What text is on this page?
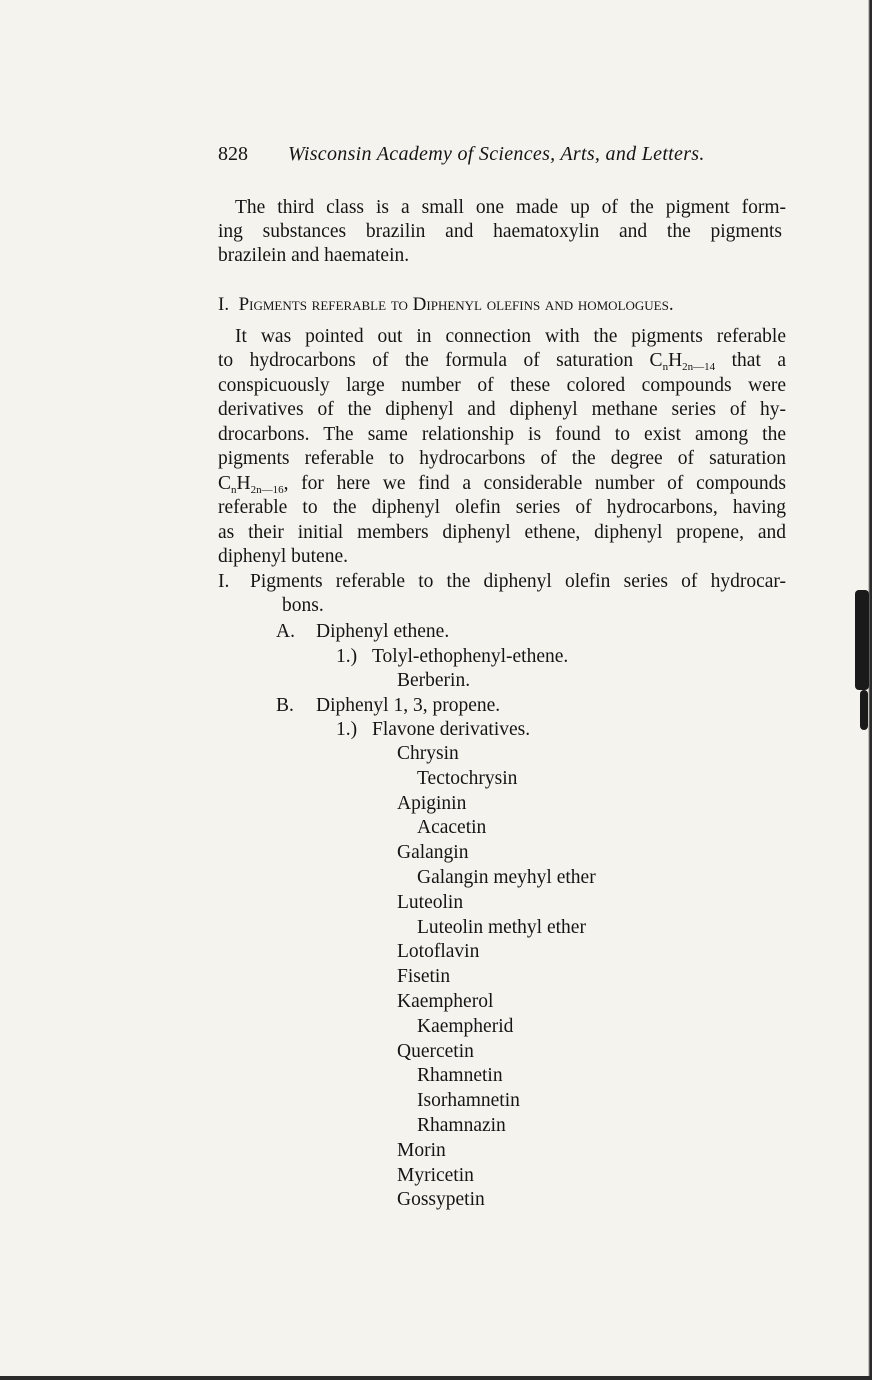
828 Wisconsin Academy of Sciences, Arts, and Letters.
The third class is a small one made up of the pigment form-
ing substances brazilin and haematoxylin and the pigments
brazilein and haematein.
I. Pigments referable to Diphenyl olefins and homologues.
It was pointed out in connection with the pigments referable
to hydrocarbons of the formula of saturation $C_nH_{2n—14}$ that a
conspicuously large number of these colored compounds were
derivatives of the diphenyl and diphenyl methane series of hy-
drocarbons. The same relationship is found to exist among the
pigments referable to hydrocarbons of the degree of saturation
$C_nH_{2n—16}$, for here we find a considerable number of compounds
referable to the diphenyl olefin series of hydrocarbons, having
as their initial members diphenyl ethene, diphenyl propene, and
diphenyl butene.
I. Pigments referable to the diphenyl olefin series of hydrocar-
bons.
A. Diphenyl ethene.
1.) Tolyl-ethophenyl-ethene.
Berberin.
B. Diphenyl 1, 3, propene.
1.) Flavone derivatives.
Chrysin
Tectochrysin
Apiginin
Acacetin
Galangin
Galangin meyhyl ether
Luteolin
Luteolin methyl ether
Lotoflavin
Fisetin
Kaempherol
Kaempherid
Quercetin
Rhamnetin
Isorhamnetin
Rhamnazin
Morin
Myricetin
Gossypetin
